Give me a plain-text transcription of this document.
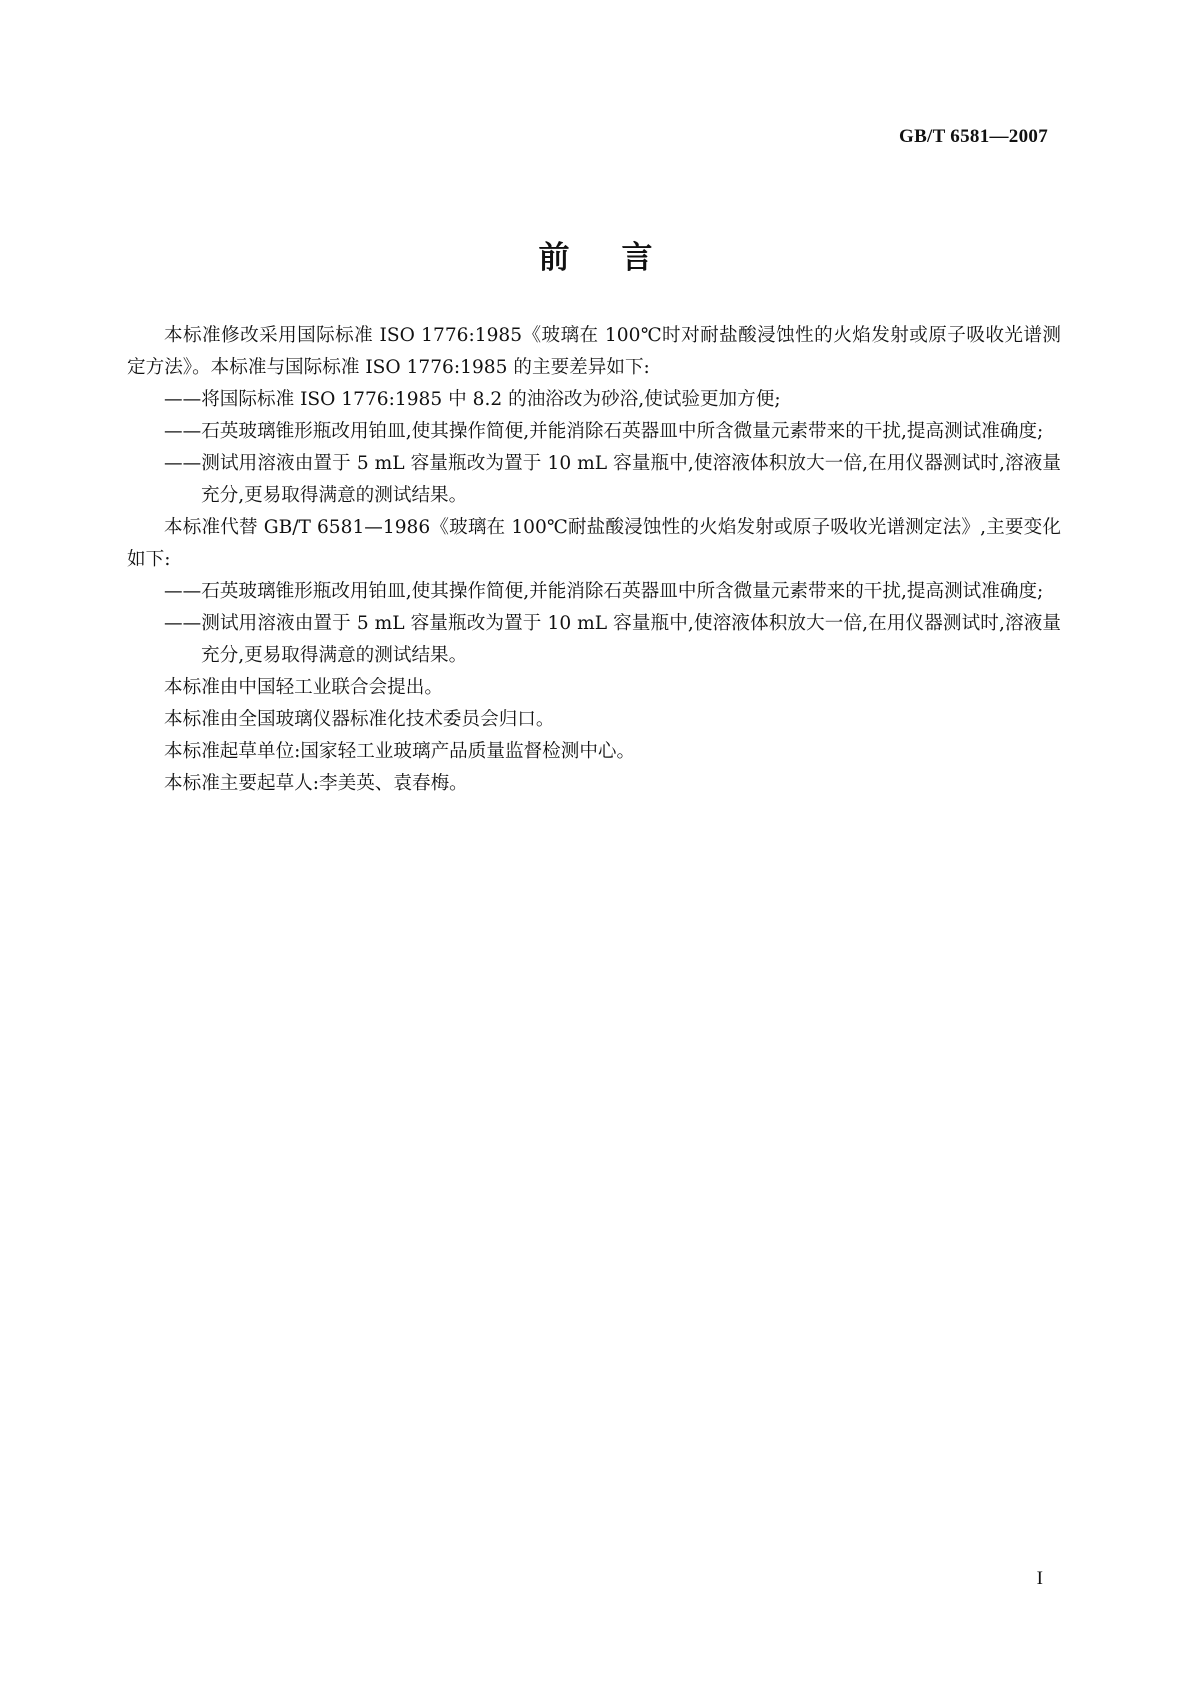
GB/T 6581—2007
前言

本标准修改采用国际标准 ISO 1776:1985《玻璃在 100℃时对耐盐酸浸蚀性的火焰发射或原子吸收光谱测定方法》。本标准与国际标准 ISO 1776:1985 的主要差异如下:

——将国际标准 ISO 1776:1985 中 8.2 的油浴改为砂浴,使试验更加方便;

——石英玻璃锥形瓶改用铂皿,使其操作简便,并能消除石英器皿中所含微量元素带来的干扰,提高测试准确度;

——测试用溶液由置于 5 mL 容量瓶改为置于 10 mL 容量瓶中,使溶液体积放大一倍,在用仪器测试时,溶液量充分,更易取得满意的测试结果。

本标准代替 GB/T 6581—1986《玻璃在 100℃耐盐酸浸蚀性的火焰发射或原子吸收光谱测定法》,主要变化如下:

——石英玻璃锥形瓶改用铂皿,使其操作简便,并能消除石英器皿中所含微量元素带来的干扰,提高测试准确度;

——测试用溶液由置于 5 mL 容量瓶改为置于 10 mL 容量瓶中,使溶液体积放大一倍,在用仪器测试时,溶液量充分,更易取得满意的测试结果。

本标准由中国轻工业联合会提出。

本标准由全国玻璃仪器标准化技术委员会归口。

本标准起草单位:国家轻工业玻璃产品质量监督检测中心。

本标准主要起草人:李美英、袁春梅。

I
